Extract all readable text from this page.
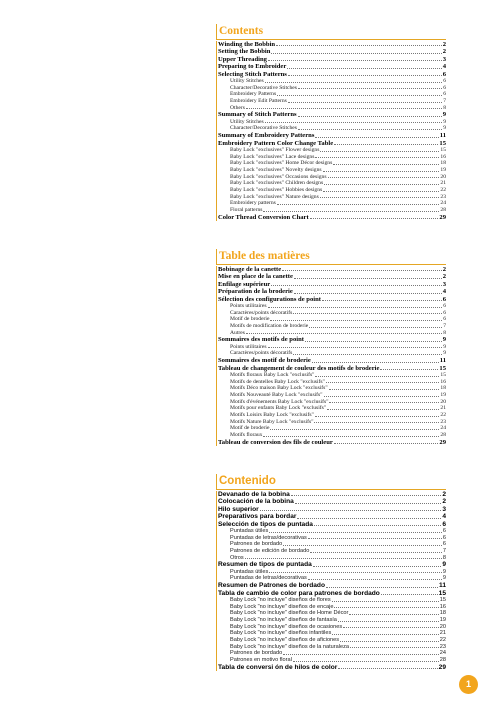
Contents
Winding the Bobbin	2
Setting the Bobbin	2
Upper Threading	3
Preparing to Embroider	4
Selecting Stitch Patterns	6
Utility Stitches	6
Character/Decorative Stitches	6
Embroidery Patterns	6
Embroidery Edit Patterns	7
Others	8
Summary of Stitch Patterns	9
Utility Stitches	9
Character/Decorative Stitches	9
Summary of Embroidery Patterns	11
Embroidery Pattern Color Change Table	15
Baby Lock "exclusives" Flower designs	15
Baby Lock "exclusives" Lace designs	16
Baby Lock "exclusives" Home Décor designs	18
Baby Lock "exclusives" Novelty designs	19
Baby Lock "exclusives" Occasions designs	20
Baby Lock "exclusives" Children designs	21
Baby Lock "exclusives" Hobbies designs	22
Baby Lock "exclusives" Nature designs	23
Embroidery patterns	24
Floral patterns	28
Color Thread Conversion Chart	29
Table des matières
Bobinage de la canette	2
Mise en place de la canette	2
Enfilage supérieur	3
Préparation de la broderie	4
Sélection des configurations de point	6
Points utilitaires	6
Caractères/points décoratifs	6
Motif de broderie	6
Motifs de modification de broderie	7
Autres	8
Sommaires des motifs de point	9
Points utilitaires	9
Caractères/points décoratifs	9
Sommaires des motif de broderie	11
Tableau de changement de couleur des motifs de broderie	15
Motifs floraux Baby Lock "exclusifs"	15
Motifs de dentelles Baby Lock "exclusifs"	16
Motifs Déco maison Baby Lock "exclusifs"	18
Motifs Nouveauté Baby Lock "exclusifs"	19
Motifs d'événements Baby Lock "exclusifs"	20
Motifs pour enfants Baby Lock "exclusifs"	21
Motifs Loisirs Baby Lock "exclusifs"	22
Motifs Nature Baby Lock "exclusifs"	23
Motif de broderie	24
Motifs floraux	28
Tableau de conversion des fils de couleur	29
Contenido
Devanado de la bobina	2
Colocación de la bobina	2
Hilo superior	3
Preparativos para bordar	4
Selección de tipos de puntada	6
Puntadas útiles	6
Puntadas de letras/decorativas	6
Patrones de bordado	6
Patrones de edición de bordado	7
Otros	8
Resumen de tipos de puntada	9
Puntadas útiles	9
Puntadas de letras/decorativas	9
Resumen de Patrones de bordado	11
Tabla de cambio de color para patrones de bordado	15
Baby Lock "no incluye" diseños de flores	15
Baby Lock "no incluye" diseños de encaje	16
Baby Lock "no incluye" diseños de Home Décor	18
Baby Lock "no incluye" diseños de fantasía	19
Baby Lock "no incluye" diseños de ocasiones	20
Baby Lock "no incluye" diseños infantiles	21
Baby Lock "no incluye" diseños de aficiones	22
Baby Lock "no incluye" diseños de la naturaleza	23
Patrones de bordado	24
Patrones en motivo floral	28
Tabla de conversi ón de hilos de color	29
1
